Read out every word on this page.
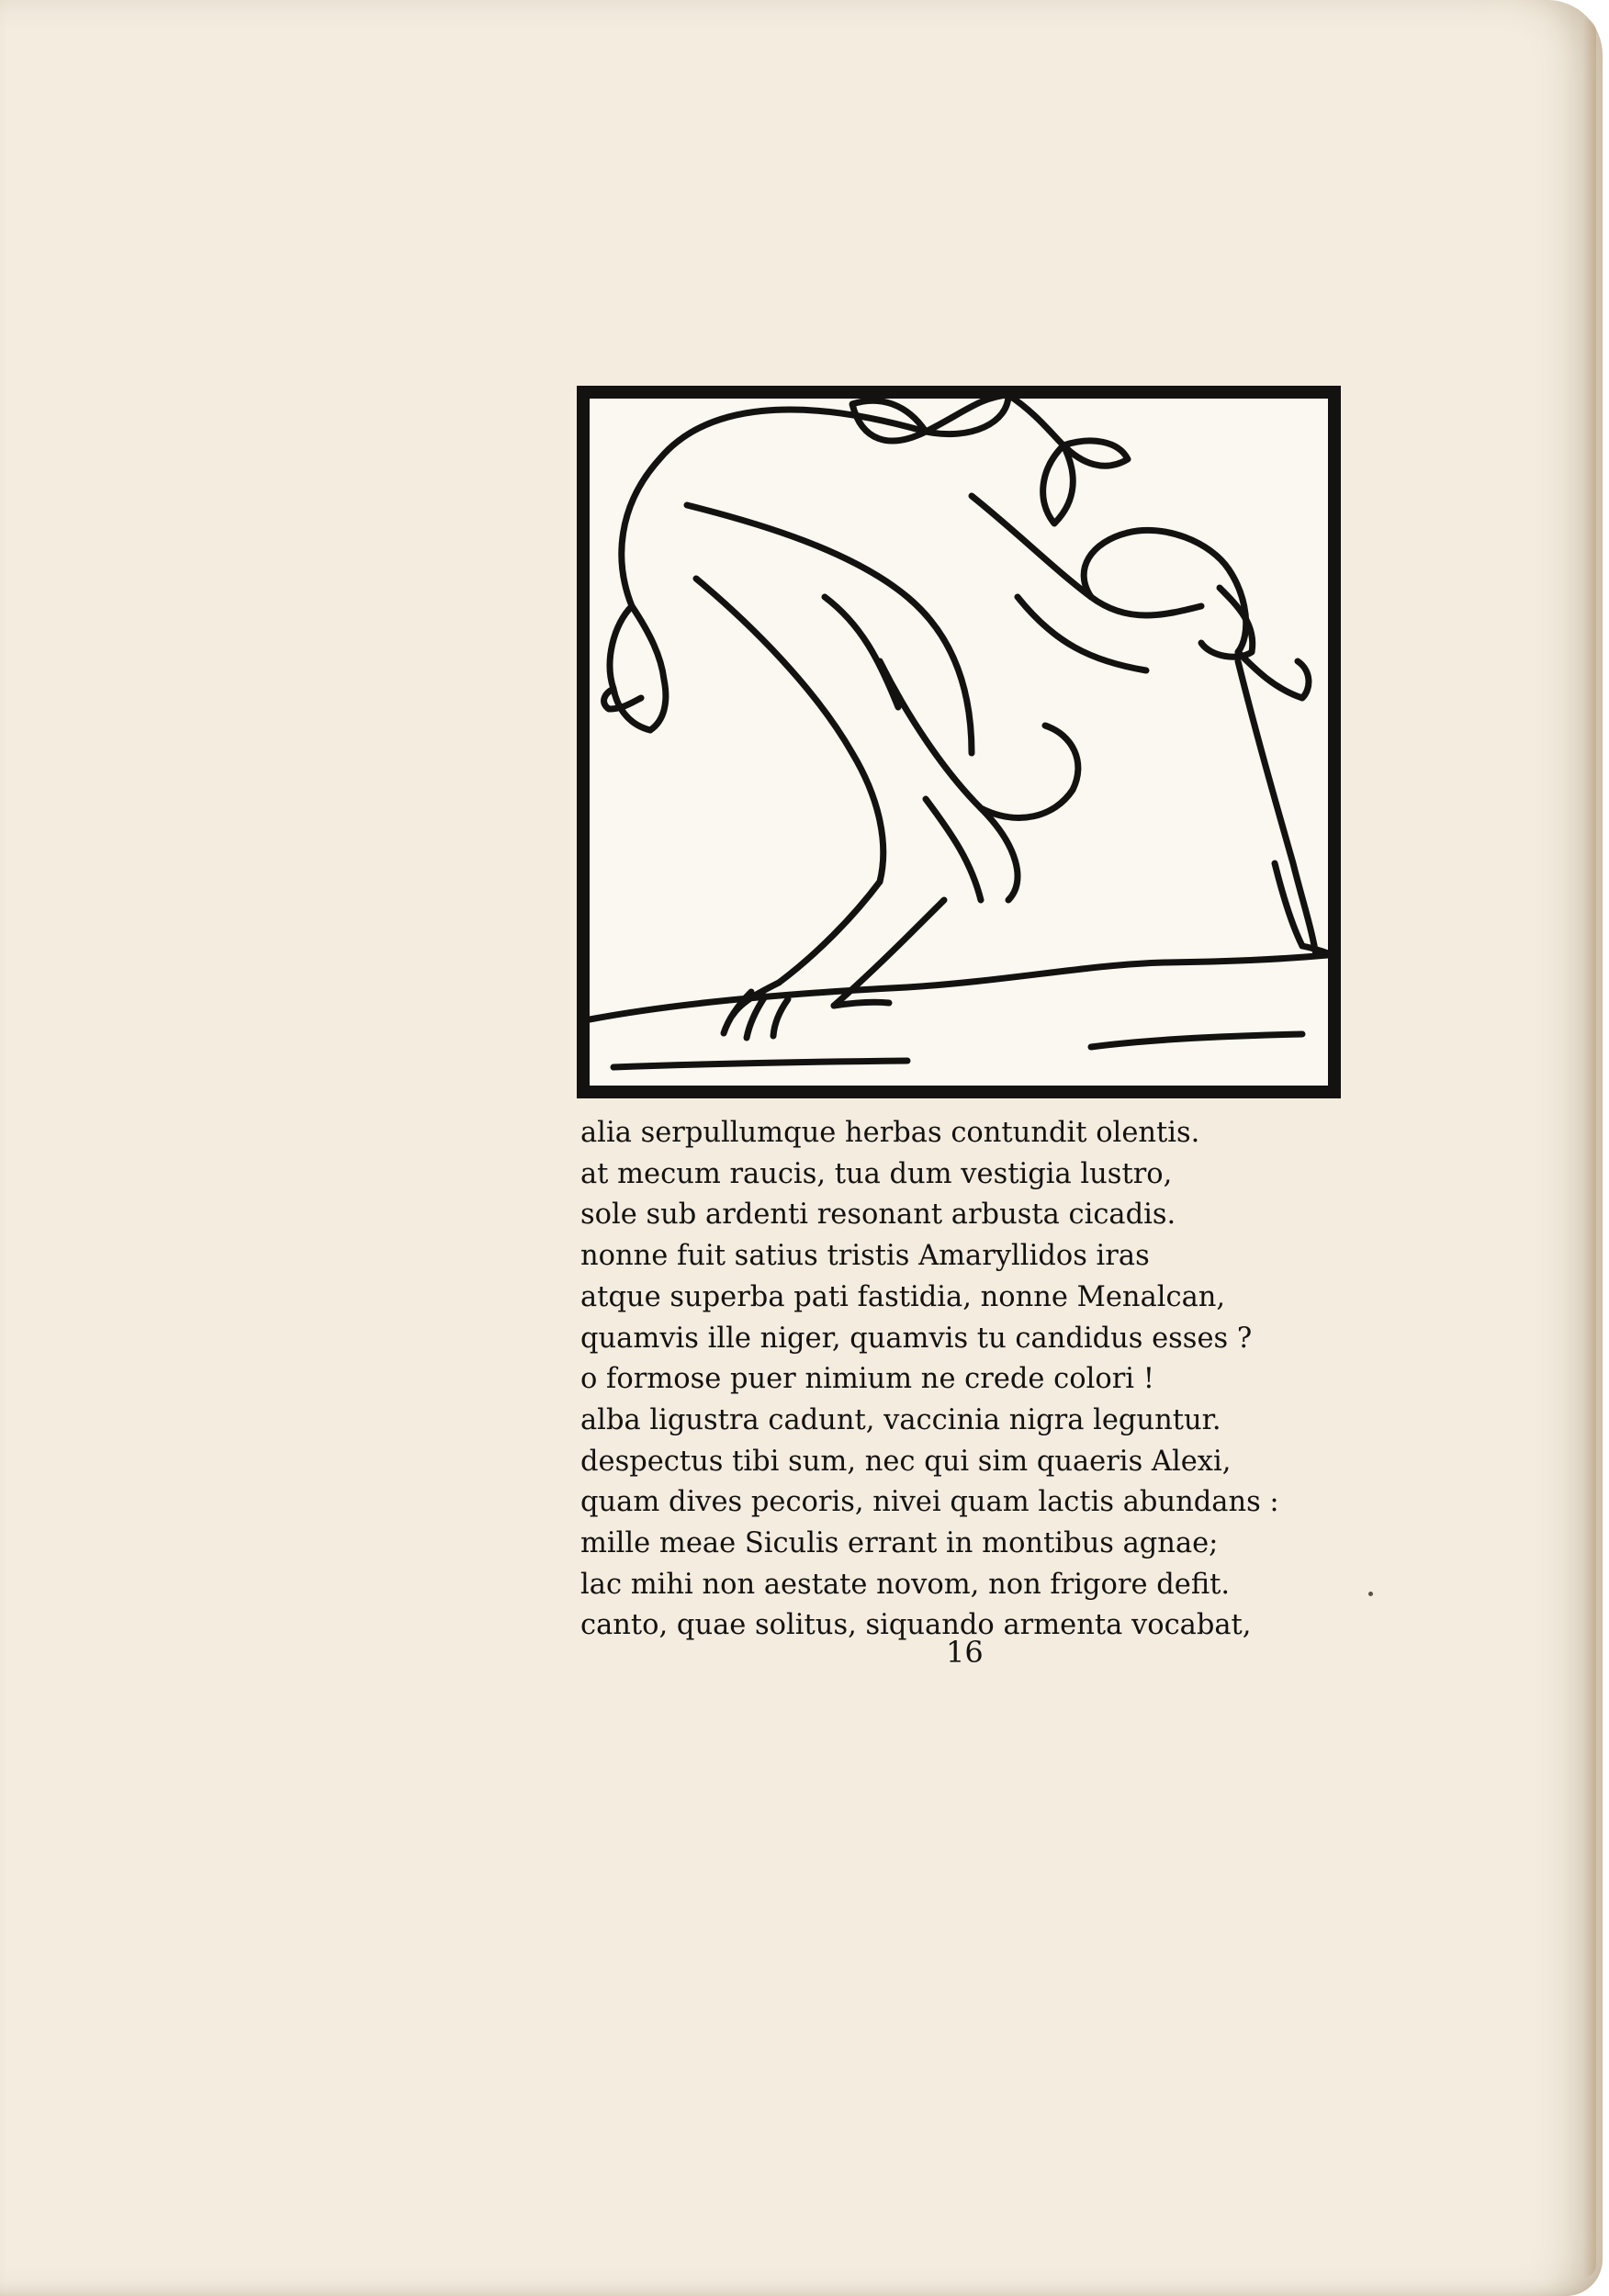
alia serpullumque herbas contundit olentis.
at mecum raucis, tua dum vestigia lustro,
sole sub ardenti resonant arbusta cicadis.
nonne fuit satius tristis Amaryllidos iras
atque superba pati fastidia, nonne Menalcan,
quamvis ille niger, quamvis tu candidus esses ?
o formose puer nimium ne crede colori !
alba ligustra cadunt, vaccinia nigra leguntur.
despectus tibi sum, nec qui sim quaeris Alexi,
quam dives pecoris, nivei quam lactis abundans :
mille meae Siculis errant in montibus agnae;
lac mihi non aestate novom, non frigore defit.
canto, quae solitus, siquando armenta vocabat,
16
